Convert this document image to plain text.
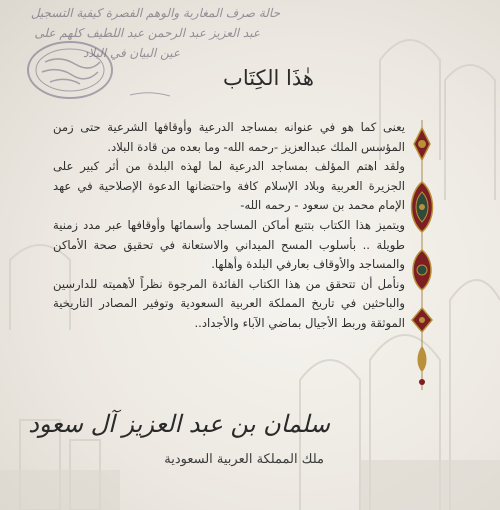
حالة صرف المغاربة والوهم الفصرة كيفية التسجيل
عبد العزيز عبد الرحمن عبد اللطيف كلهم على
عين البيان في البلاد
هٰذَا الكِتَاب

يعنى كما هو في عنوانه بمساجد الدرعية وأوقافها الشرعية حتى زمن المؤسس الملك عبدالعزيز -رحمه الله- وما بعده من قادة البلاد.

ولقد اهتم المؤلف بمساجد الدرعية لما لهذه البلدة من أثر كبير على الجزيرة العربية وبلاد الإسلام كافة واحتضانها الدعوة الإصلاحية في عهد الإمام محمد بن سعود - رحمه الله-

ويتميز هذا الكتاب بتتبع أماكن المساجد وأسمائها وأوقافها عبر مدد زمنية طويلة .. بأسلوب المسح الميداني والاستعانة في تحقيق صحة الأماكن والمساجد والأوقاف بعارفي البلدة وأهلها.

ونأمل أن تتحقق من هذا الكتاب الفائدة المرجوة نظراً لأهميته للدارسين والباحثين في تاريخ المملكة العربية السعودية وتوفير المصادر التاريخية الموثقة وربط الأجيال بماضي الآباء والأجداد..

سلمان بن عبد العزيز آل سعود
ملك المملكة العربية السعودية
